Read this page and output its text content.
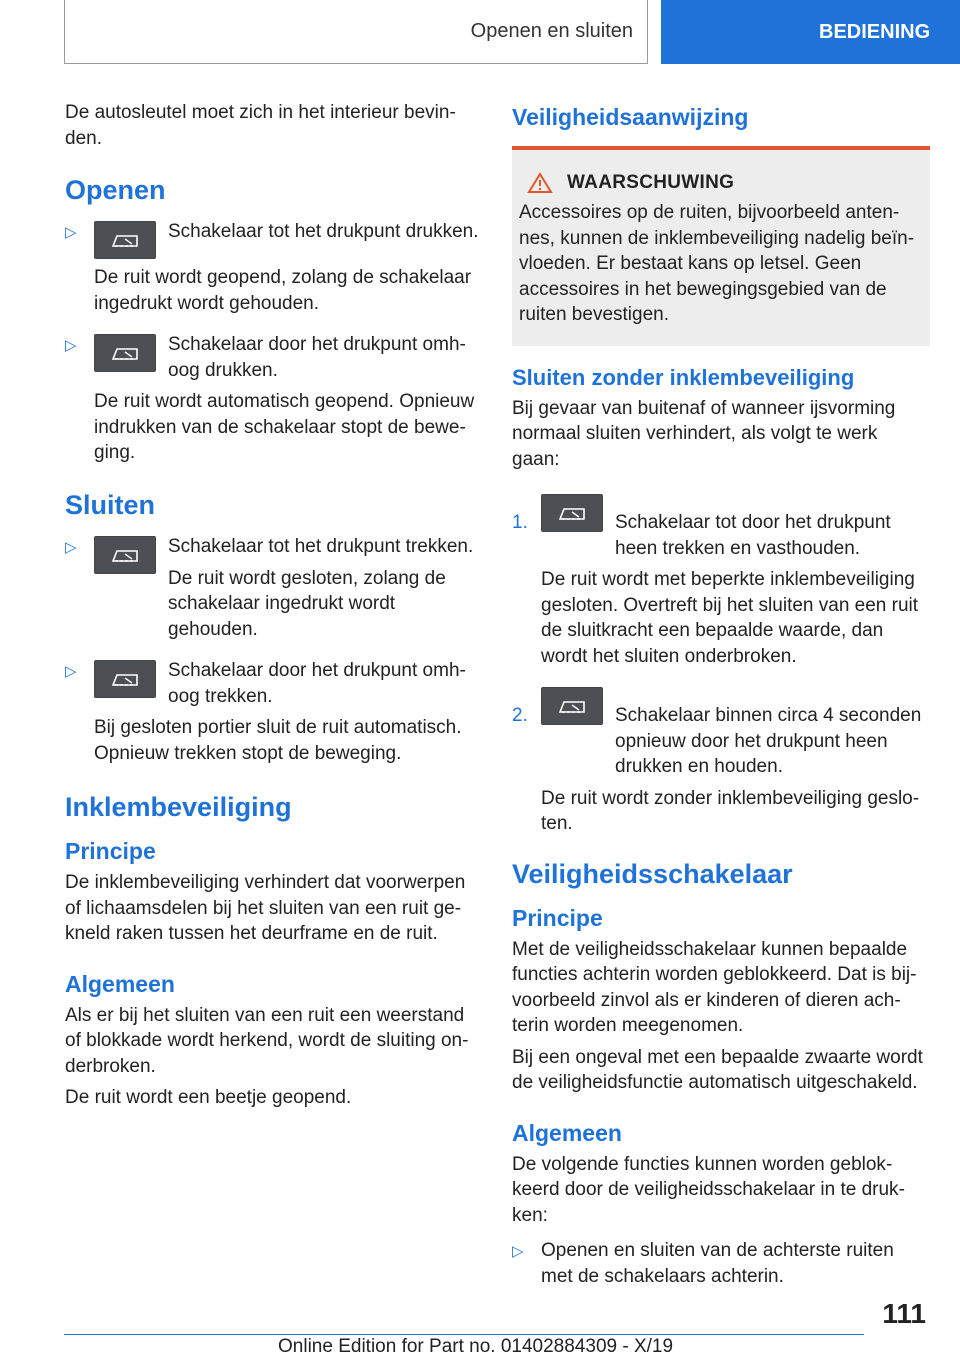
Openen en sluiten	BEDIENING

De autosleutel moet zich in het interieur bevinden.

Openen
▷	Schakelaar tot het drukpunt drukken.

De ruit wordt geopend, zolang de schakelaar ingedrukt wordt gehouden.

▷	Schakelaar door het drukpunt omhoog drukken.

De ruit wordt automatisch geopend. Opnieuw indrukken van de schakelaar stopt de beweging.

Sluiten
▷	Schakelaar tot het drukpunt trekken.

De ruit wordt gesloten, zolang de schakelaar ingedrukt wordt gehouden.

▷	Schakelaar door het drukpunt omhoog trekken.

Bij gesloten portier sluit de ruit automatisch. Opnieuw trekken stopt de beweging.

Inklembeveiliging
Principe

De inklembeveiliging verhindert dat voorwerpen of lichaamsdelen bij het sluiten van een ruit gekneld raken tussen het deurframe en de ruit.

Algemeen

Als er bij het sluiten van een ruit een weerstand of blokkade wordt herkend, wordt de sluiting onderbroken.

De ruit wordt een beetje geopend.

Veiligheidsaanwijzing
WAARSCHUWING

Accessoires op de ruiten, bijvoorbeeld antennes, kunnen de inklembeveiliging nadelig beïnvloeden. Er bestaat kans op letsel. Geen accessoires in het bewegingsgebied van de ruiten bevestigen.

Sluiten zonder inklembeveiliging

Bij gevaar van buitenaf of wanneer ijsvorming normaal sluiten verhindert, als volgt te werk gaan:

1.	Schakelaar tot door het drukpunt heen trekken en vasthouden.

De ruit wordt met beperkte inklembeveiliging gesloten. Overtreft bij het sluiten van een ruit de sluitkracht een bepaalde waarde, dan wordt het sluiten onderbroken.

2.	Schakelaar binnen circa 4 seconden opnieuw door het drukpunt heen drukken en houden.

De ruit wordt zonder inklembeveiliging gesloten.

Veiligheidsschakelaar
Principe

Met de veiligheidsschakelaar kunnen bepaalde functies achterin worden geblokkeerd. Dat is bijvoorbeeld zinvol als er kinderen of dieren achterin worden meegenomen.

Bij een ongeval met een bepaalde zwaarte wordt de veiligheidsfunctie automatisch uitgeschakeld.

Algemeen

De volgende functies kunnen worden geblokkeerd door de veiligheidsschakelaar in te drukken:

▷ Openen en sluiten van de achterste ruiten met de schakelaars achterin.

111
Online Edition for Part no. 01402884309 - X/19
